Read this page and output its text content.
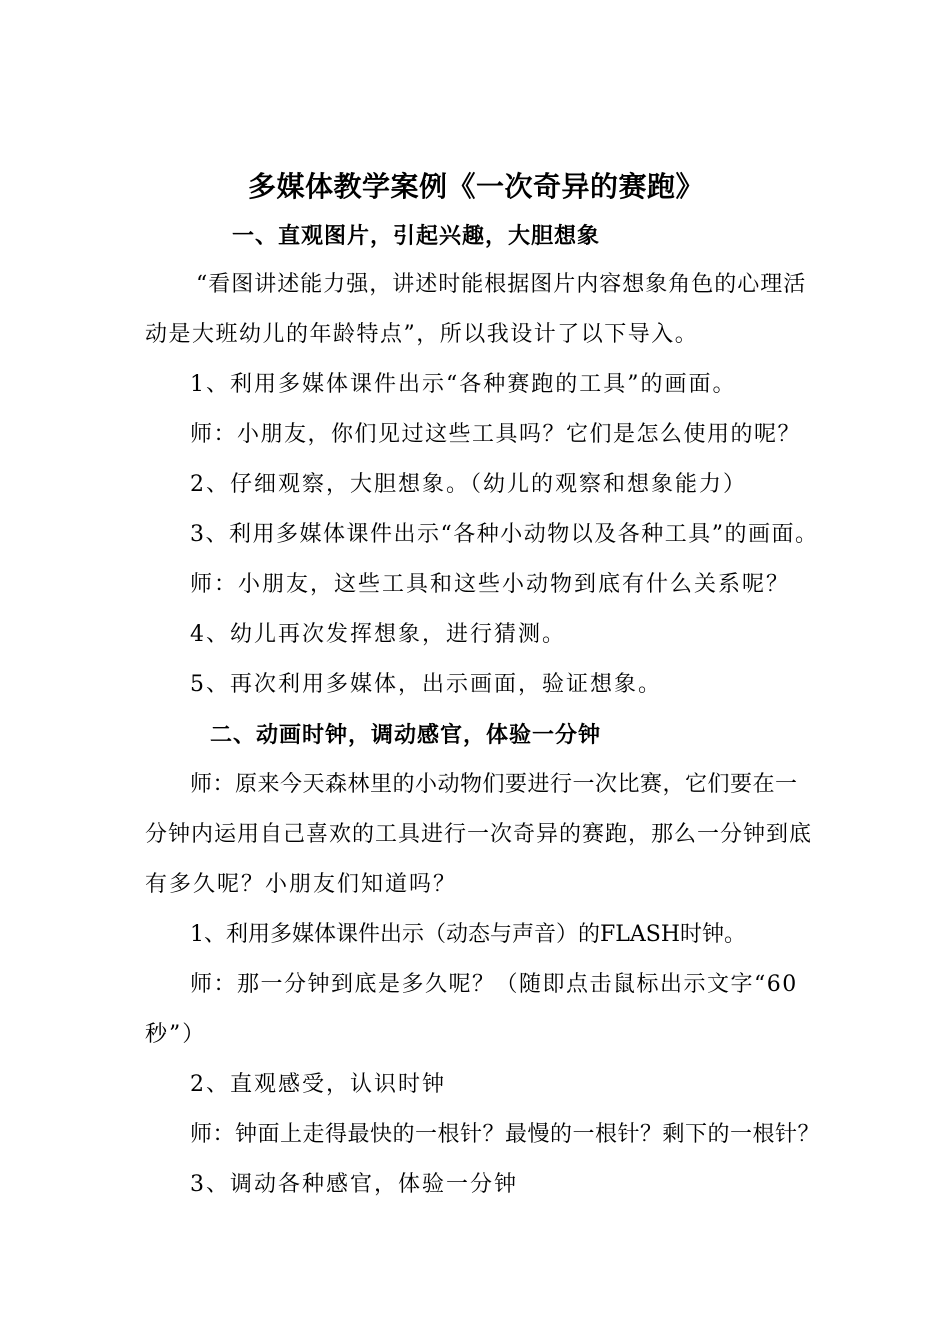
多媒体教学案例《一次奇异的赛跑》
一、直观图片，引起兴趣，大胆想象
“看图讲述能力强，讲述时能根据图片内容想象角色的心理活
动是大班幼儿的年龄特点”，所以我设计了以下导入。
1、利用多媒体课件出示“各种赛跑的工具”的画面。
师：小朋友，你们见过这些工具吗？它们是怎么使用的呢？
2、仔细观察，大胆想象。（幼儿的观察和想象能力）
3、利用多媒体课件出示“各种小动物以及各种工具”的画面。
师：小朋友，这些工具和这些小动物到底有什么关系呢？
4、幼儿再次发挥想象，进行猜测。
5、再次利用多媒体，出示画面，验证想象。
二、动画时钟，调动感官，体验一分钟
师：原来今天森林里的小动物们要进行一次比赛，它们要在一
分钟内运用自己喜欢的工具进行一次奇异的赛跑，那么一分钟到底
有多久呢？小朋友们知道吗？
1、利用多媒体课件出示（动态与声音）的FLASH时钟。
师：那一分钟到底是多久呢？（随即点击鼠标出示文字“60
秒”）
2、直观感受，认识时钟
师：钟面上走得最快的一根针？最慢的一根针？剩下的一根针？
3、调动各种感官，体验一分钟
